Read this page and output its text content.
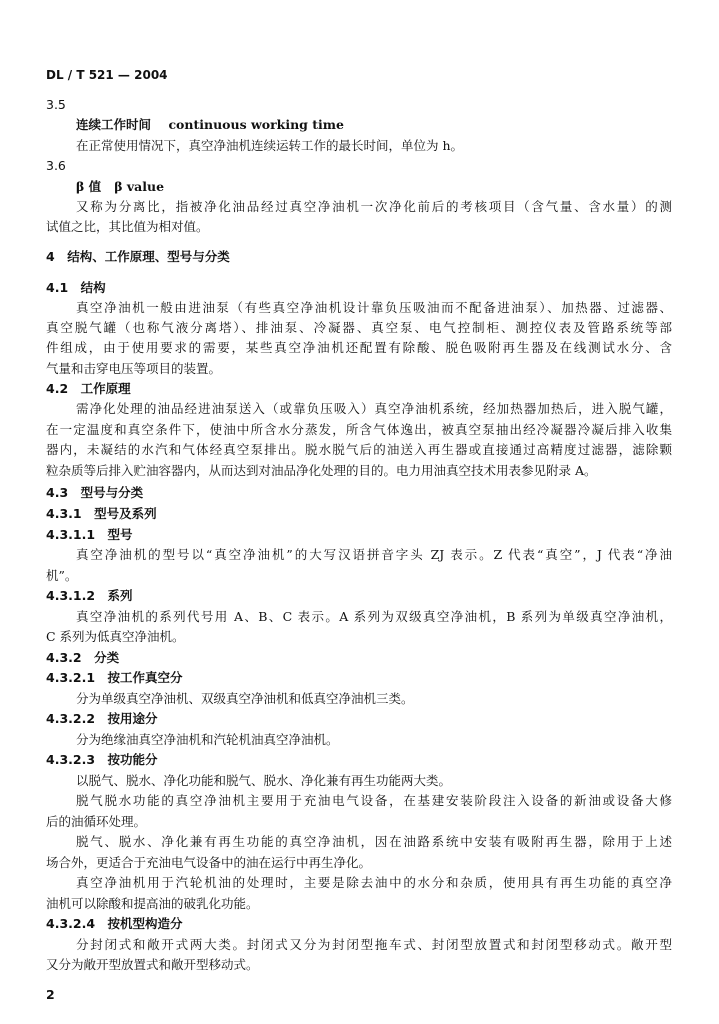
DL / T 521 — 2004
3.5
连续工作时间 continuous working time
在正常使用情况下，真空净油机连续运转工作的最长时间，单位为 h。
3.6
β 值 β value
又称为分离比，指被净化油品经过真空净油机一次净化前后的考核项目（含气量、含水量）的测
试值之比，其比值为相对值。
4　结构、工作原理、型号与分类
4.1　结构
真空净油机一般由进油泵（有些真空净油机设计靠负压吸油而不配备进油泵）、加热器、过滤器、
真空脱气罐（也称气液分离塔）、排油泵、冷凝器、真空泵、电气控制柜、测控仪表及管路系统等部
件组成，由于使用要求的需要，某些真空净油机还配置有除酸、脱色吸附再生器及在线测试水分、含
气量和击穿电压等项目的装置。
4.2　工作原理
需净化处理的油品经进油泵送入（或靠负压吸入）真空净油机系统，经加热器加热后，进入脱气罐，
在一定温度和真空条件下，使油中所含水分蒸发，所含气体逸出，被真空泵抽出经冷凝器冷凝后排入收集
器内，未凝结的水汽和气体经真空泵排出。脱水脱气后的油送入再生器或直接通过高精度过滤器，滤除颗
粒杂质等后排入贮油容器内，从而达到对油品净化处理的目的。电力用油真空技术用表参见附录 A。
4.3　型号与分类
4.3.1　型号及系列
4.3.1.1　型号
真空净油机的型号以“真空净油机”的大写汉语拼音字头 ZJ 表示。Z 代表“真空”，J 代表“净油
机”。
4.3.1.2　系列
真空净油机的系列代号用 A、B、C 表示。A 系列为双级真空净油机，B 系列为单级真空净油机，
C 系列为低真空净油机。
4.3.2　分类
4.3.2.1　按工作真空分
分为单级真空净油机、双级真空净油机和低真空净油机三类。
4.3.2.2　按用途分
分为绝缘油真空净油机和汽轮机油真空净油机。
4.3.2.3　按功能分
以脱气、脱水、净化功能和脱气、脱水、净化兼有再生功能两大类。
脱气脱水功能的真空净油机主要用于充油电气设备，在基建安装阶段注入设备的新油或设备大修
后的油循环处理。
脱气、脱水、净化兼有再生功能的真空净油机，因在油路系统中安装有吸附再生器，除用于上述
场合外，更适合于充油电气设备中的油在运行中再生净化。
真空净油机用于汽轮机油的处理时，主要是除去油中的水分和杂质，使用具有再生功能的真空净
油机可以除酸和提高油的破乳化功能。
4.3.2.4　按机型构造分
分封闭式和敞开式两大类。封闭式又分为封闭型拖车式、封闭型放置式和封闭型移动式。敞开型
又分为敞开型放置式和敞开型移动式。
2
